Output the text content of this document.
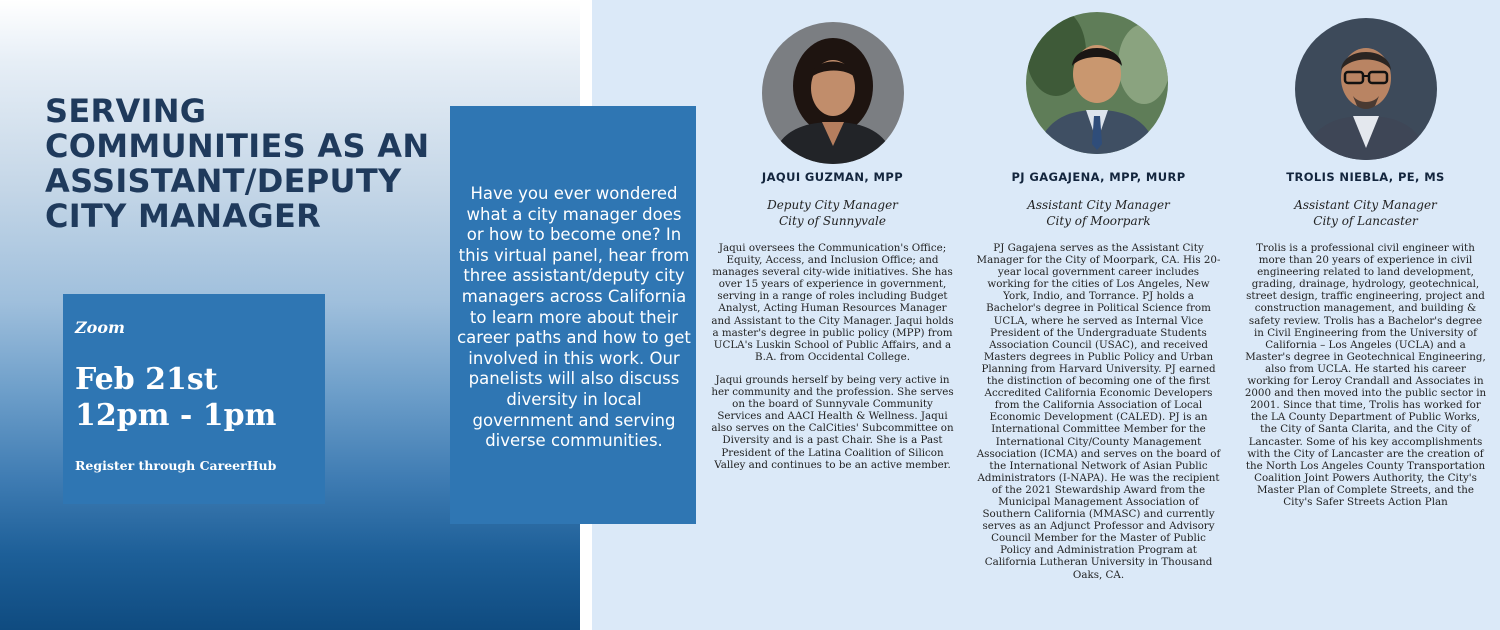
SERVING COMMUNITIES AS AN ASSISTANT/DEPUTY CITY MANAGER

Have you ever wondered what a city manager does or how to become one? In this virtual panel, hear from three assistant/deputy city managers across California to learn more about their career paths and how to get involved in this work. Our panelists will also discuss diversity in local government and serving diverse communities.

Zoom
Feb 21st
12pm - 1pm
Register through CareerHub
JAQUI GUZMAN, MPP
Deputy City Manager
City of Sunnyvale

Jaqui oversees the Communication's Office; Equity, Access, and Inclusion Office; and manages several city-wide initiatives. She has over 15 years of experience in government, serving in a range of roles including Budget Analyst, Acting Human Resources Manager and Assistant to the City Manager. Jaqui holds a master's degree in public policy (MPP) from UCLA's Luskin School of Public Affairs, and a B.A. from Occidental College.

Jaqui grounds herself by being very active in her community and the profession. She serves on the board of Sunnyvale Community Services and AACI Health & Wellness. Jaqui also serves on the CalCities' Subcommittee on Diversity and is a past Chair. She is a Past President of the Latina Coalition of Silicon Valley and continues to be an active member.

PJ GAGAJENA, MPP, MURP
Assistant City Manager
City of Moorpark

PJ Gagajena serves as the Assistant City Manager for the City of Moorpark, CA. His 20-year local government career includes working for the cities of Los Angeles, New York, Indio, and Torrance. PJ holds a Bachelor's degree in Political Science from UCLA, where he served as Internal Vice President of the Undergraduate Students Association Council (USAC), and received Masters degrees in Public Policy and Urban Planning from Harvard University. PJ earned the distinction of becoming one of the first Accredited California Economic Developers from the California Association of Local Economic Development (CALED). PJ is an International Committee Member for the International City/County Management Association (ICMA) and serves on the board of the International Network of Asian Public Administrators (I-NAPA). He was the recipient of the 2021 Stewardship Award from the Municipal Management Association of Southern California (MMASC) and currently serves as an Adjunct Professor and Advisory Council Member for the Master of Public Policy and Administration Program at California Lutheran University in Thousand Oaks, CA.

TROLIS NIEBLA, PE, MS
Assistant City Manager
City of Lancaster

Trolis is a professional civil engineer with more than 20 years of experience in civil engineering related to land development, grading, drainage, hydrology, geotechnical, street design, traffic engineering, project and construction management, and building & safety review. Trolis has a Bachelor's degree in Civil Engineering from the University of California – Los Angeles (UCLA) and a Master's degree in Geotechnical Engineering, also from UCLA. He started his career working for Leroy Crandall and Associates in 2000 and then moved into the public sector in 2001. Since that time, Trolis has worked for the LA County Department of Public Works, the City of Santa Clarita, and the City of Lancaster. Some of his key accomplishments with the City of Lancaster are the creation of the North Los Angeles County Transportation Coalition Joint Powers Authority, the City's Master Plan of Complete Streets, and the City's Safer Streets Action Plan
